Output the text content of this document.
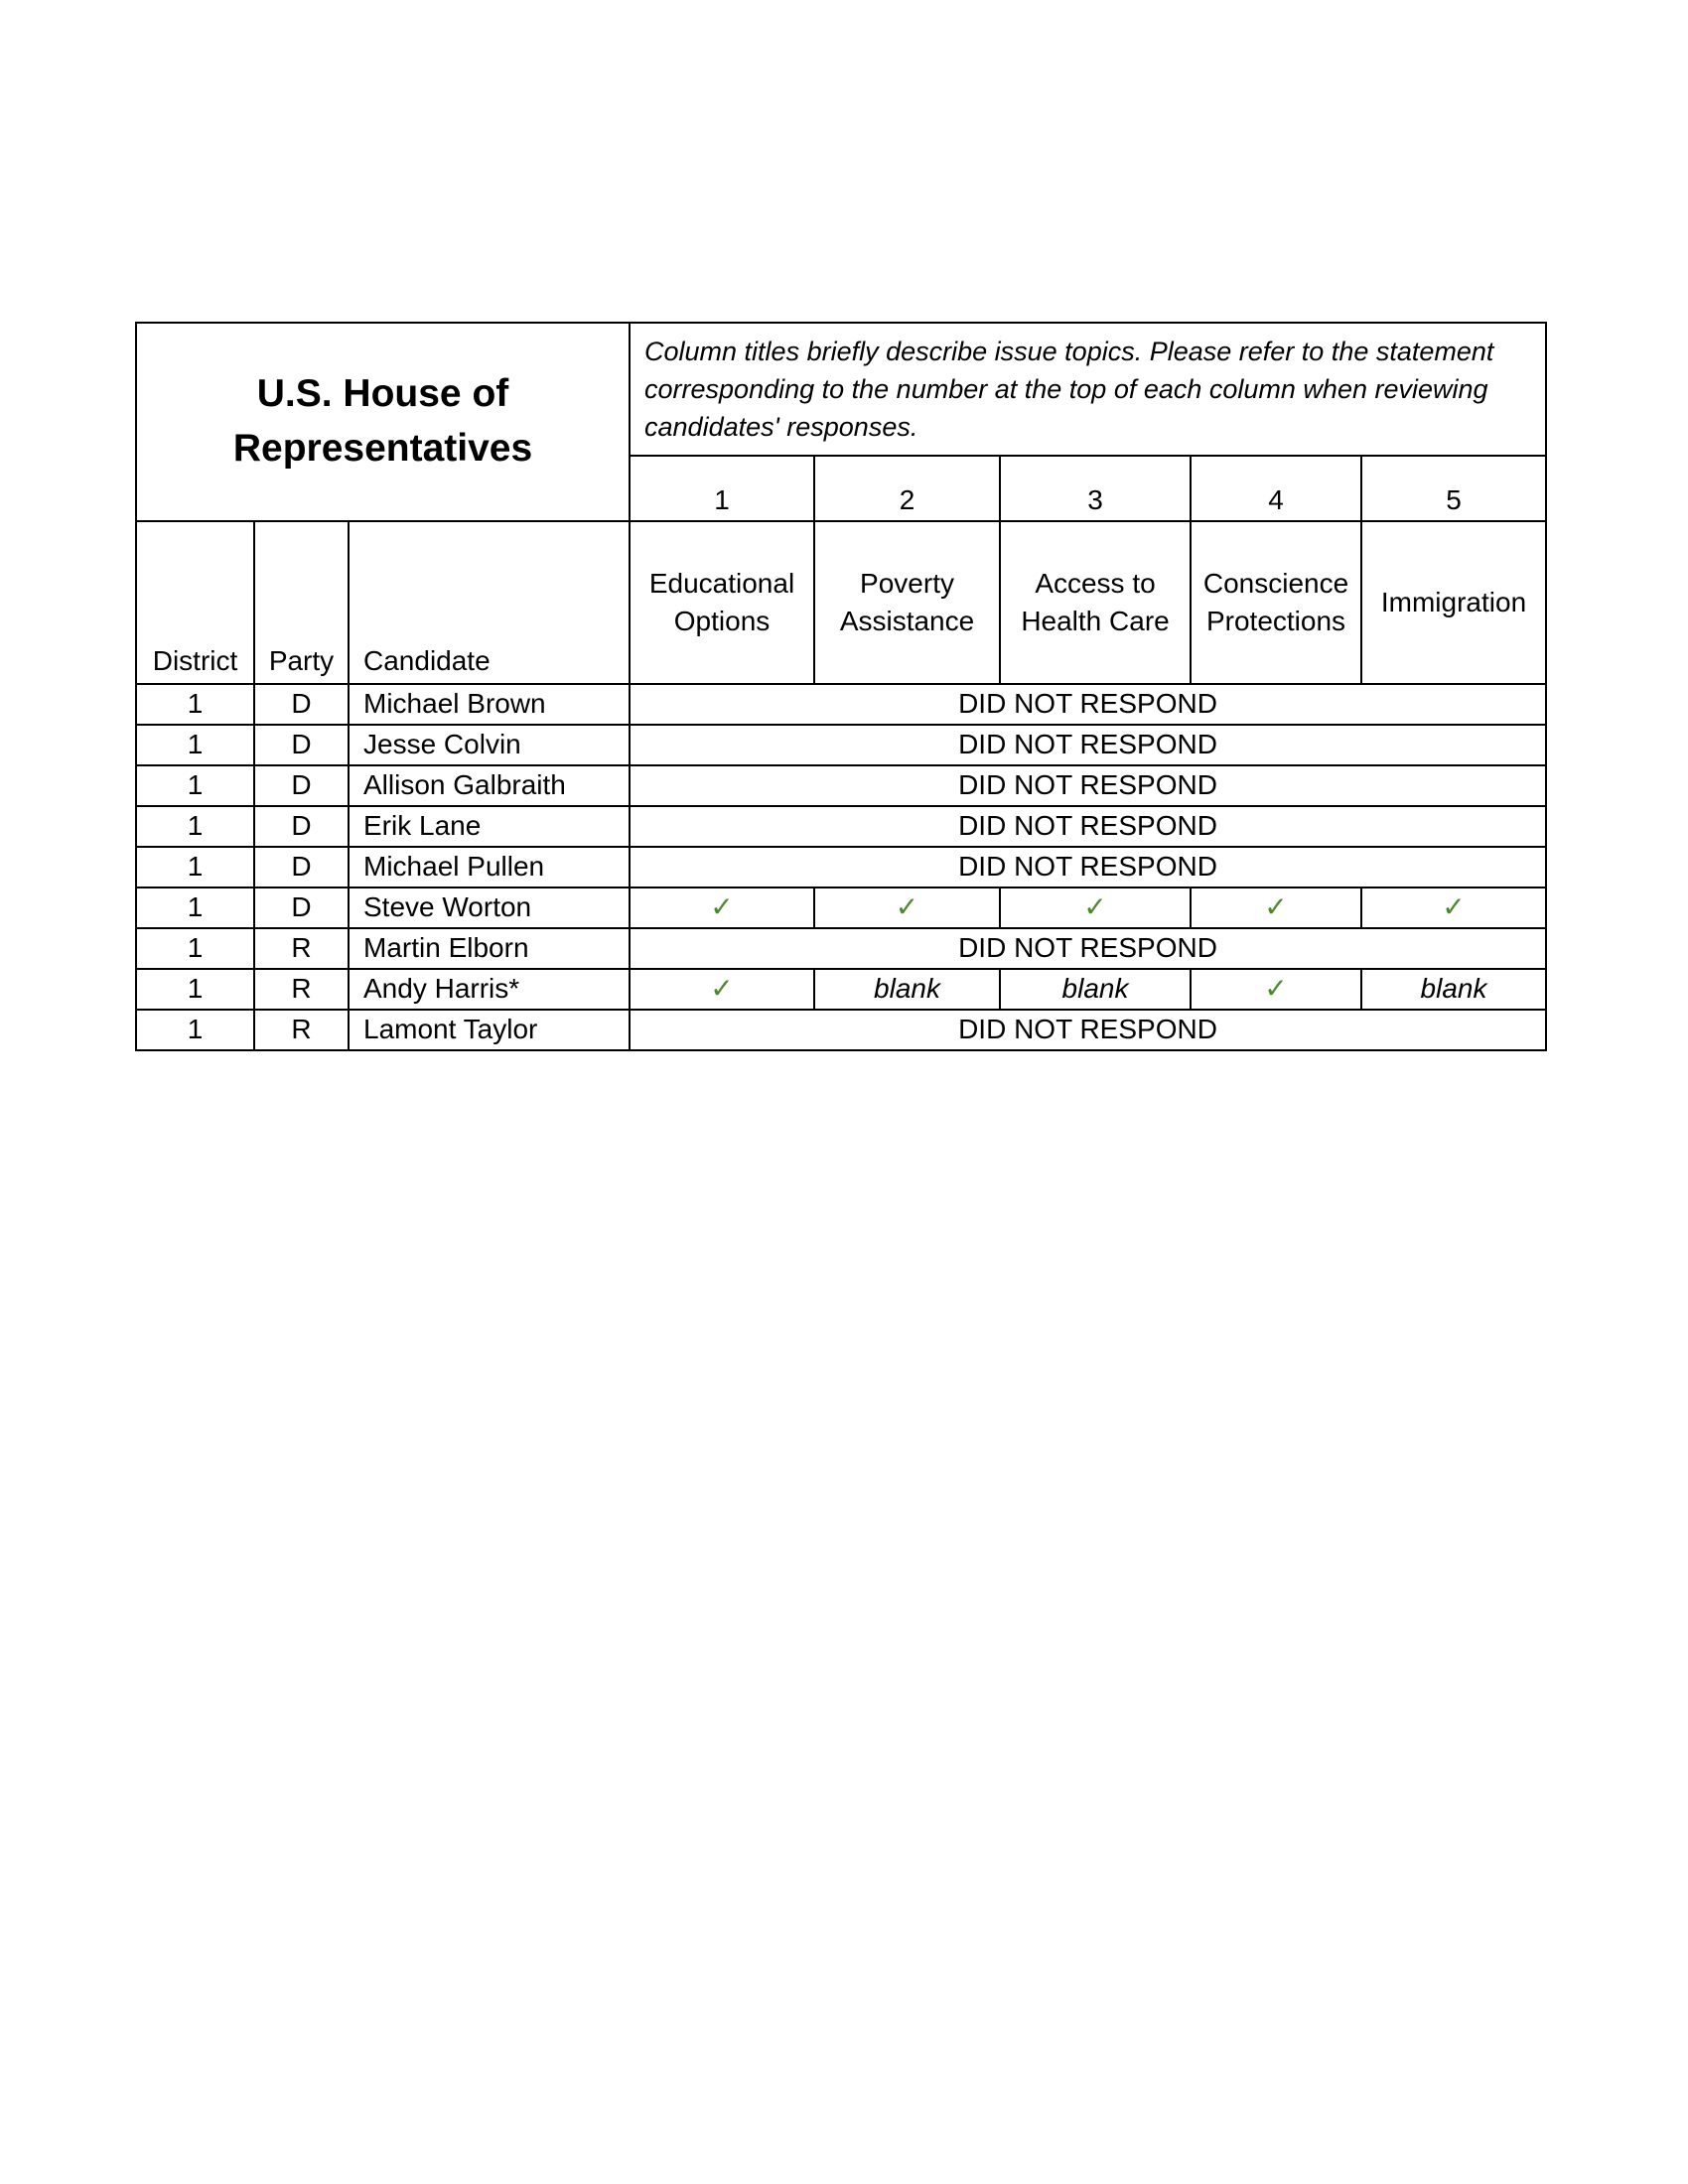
U.S. House of Representatives			Column titles briefly describe issue topics. Please refer to the statement corresponding to the number at the top of each column when reviewing candidates' responses.				
			1	2	3	4	5
District	Party	Candidate	Educational Options	Poverty Assistance	Access to Health Care	Conscience Protections	Immigration
1	D	Michael Brown	DID NOT RESPOND				
1	D	Jesse Colvin	DID NOT RESPOND				
1	D	Allison Galbraith	DID NOT RESPOND				
1	D	Erik Lane	DID NOT RESPOND				
1	D	Michael Pullen	DID NOT RESPOND				
1	D	Steve Worton	✓	✓	✓	✓	✓
1	R	Martin Elborn	DID NOT RESPOND				
1	R	Andy Harris*	✓	blank	blank	✓	blank
1	R	Lamont Taylor	DID NOT RESPOND				
